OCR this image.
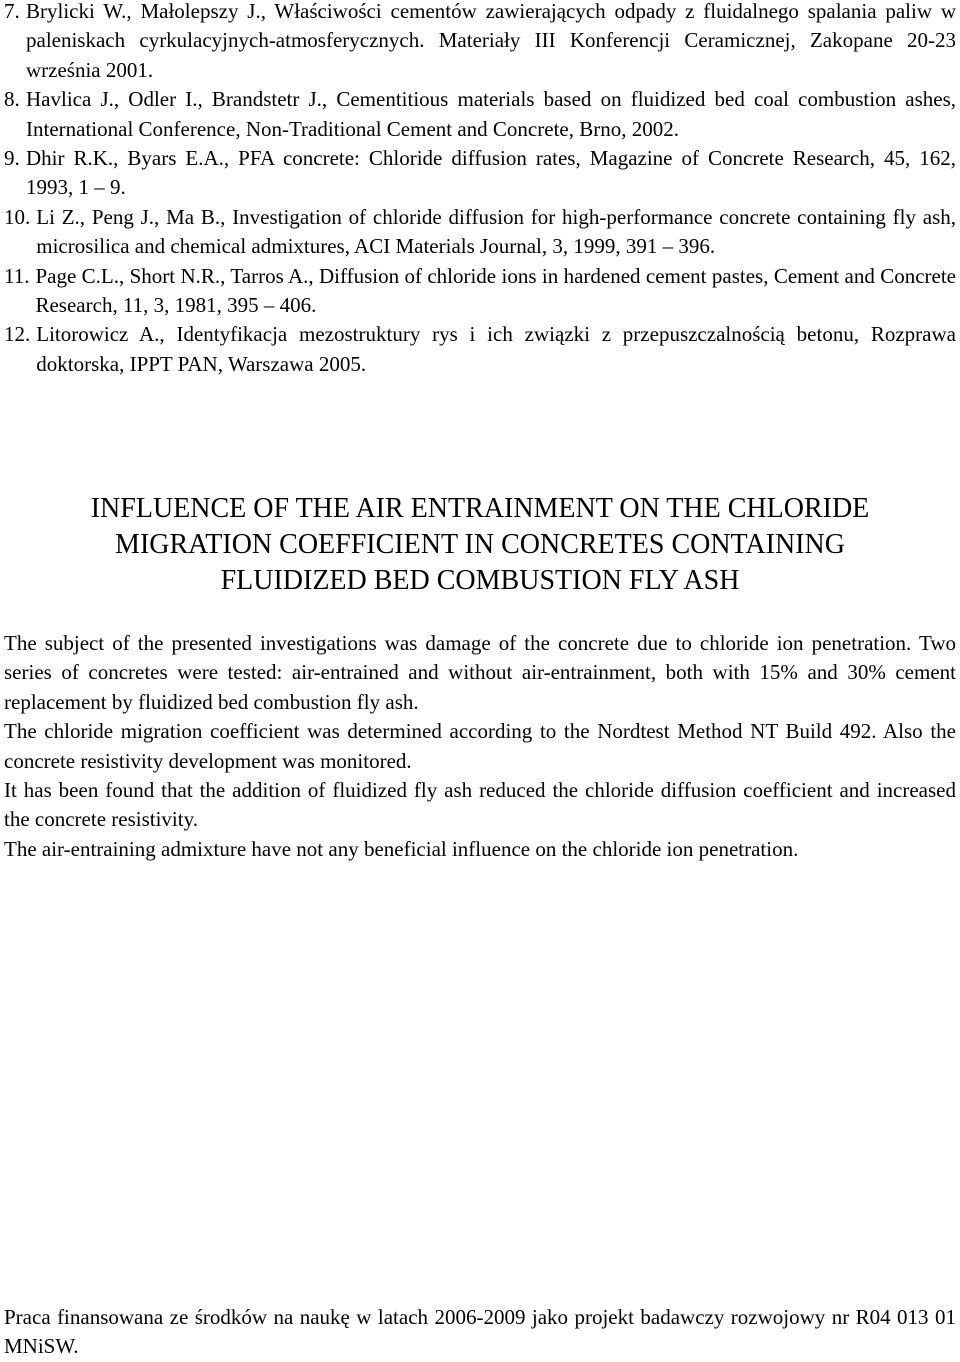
7. Brylicki W., Małolepszy J., Właściwości cementów zawierających odpady z fluidalnego spalania paliw w paleniskach cyrkulacyjnych-atmosferycznych. Materiały III Konferencji Ceramicznej, Zakopane 20-23 września 2001.
8. Havlica J., Odler I., Brandstetr J., Cementitious materials based on fluidized bed coal combustion ashes, International Conference, Non-Traditional Cement and Concrete, Brno, 2002.
9. Dhir R.K., Byars E.A., PFA concrete: Chloride diffusion rates, Magazine of Concrete Research, 45, 162, 1993, 1 – 9.
10. Li Z., Peng J., Ma B., Investigation of chloride diffusion for high-performance concrete containing fly ash, microsilica and chemical admixtures, ACI Materials Journal, 3, 1999, 391 – 396.
11. Page C.L., Short N.R., Tarros A., Diffusion of chloride ions in hardened cement pastes, Cement and Concrete Research, 11, 3, 1981, 395 – 406.
12. Litorowicz A., Identyfikacja mezostruktury rys i ich związki z przepuszczalnością betonu, Rozprawa doktorska, IPPT PAN, Warszawa 2005.
INFLUENCE OF THE AIR ENTRAINMENT ON THE CHLORIDE
MIGRATION COEFFICIENT IN CONCRETES CONTAINING
FLUIDIZED BED COMBUSTION FLY ASH

The subject of the presented investigations was damage of the concrete due to chloride ion penetration. Two series of concretes were tested: air-entrained and without air-entrainment, both with 15% and 30% cement replacement by fluidized bed combustion fly ash.

The chloride migration coefficient was determined according to the Nordtest Method NT Build 492. Also the concrete resistivity development was monitored.

It has been found that the addition of fluidized fly ash reduced the chloride diffusion coefficient and increased the concrete resistivity.

The air-entraining admixture have not any beneficial influence on the chloride ion penetration.

Praca finansowana ze środków na naukę w latach 2006-2009 jako projekt badawczy rozwojowy nr R04 013 01 MNiSW.
